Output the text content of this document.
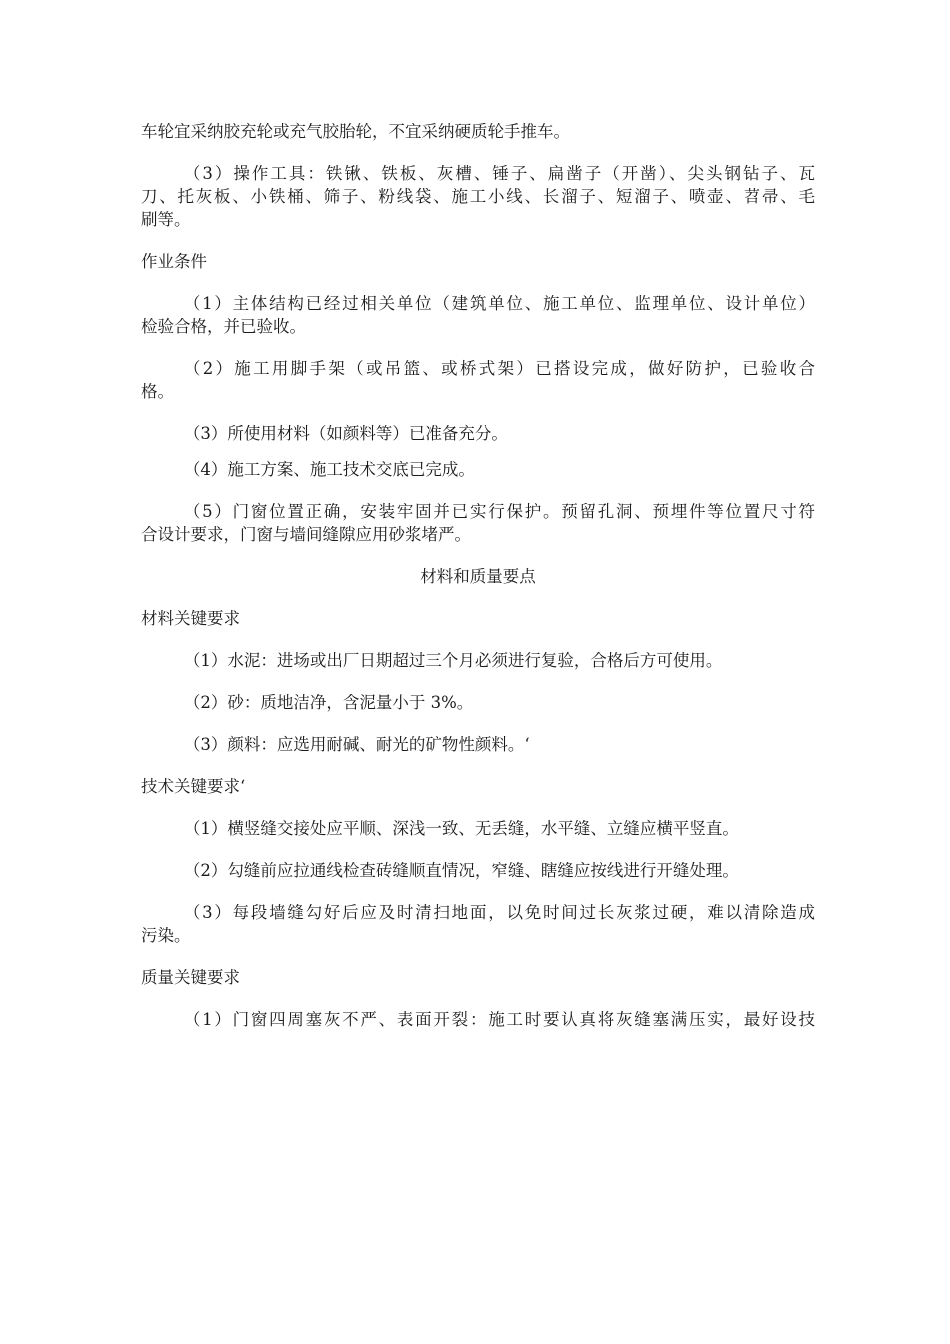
车轮宜采纳胶充轮或充气胶胎轮，不宜采纳硬质轮手推车。

（3）操作工具：铁锹、铁板、灰槽、锤子、扁凿子（开凿）、尖头钢钻子、瓦
刀、托灰板、小铁桶、筛子、粉线袋、施工小线、长溜子、短溜子、喷壶、苕帚、毛
刷等。

作业条件

（1）主体结构已经过相关单位（建筑单位、施工单位、监理单位、设计单位）
检验合格，并已验收。

（2）施工用脚手架（或吊篮、或桥式架）已搭设完成，做好防护，已验收合
格。

（3）所使用材料（如颜料等）已准备充分。

（4）施工方案、施工技术交底已完成。

（5）门窗位置正确，安装牢固并已实行保护。预留孔洞、预埋件等位置尺寸符
合设计要求，门窗与墙间缝隙应用砂浆堵严。

材料和质量要点

材料关键要求

（1）水泥：进场或出厂日期超过三个月必须进行复验，合格后方可使用。

（2）砂：质地洁净，含泥量小于 3%。

（3）颜料：应选用耐碱、耐光的矿物性颜料。‘

技术关键要求‘

（1）横竖缝交接处应平顺、深浅一致、无丢缝，水平缝、立缝应横平竖直。

（2）勾缝前应拉通线检查砖缝顺直情况，窄缝、瞎缝应按线进行开缝处理。

（3）每段墙缝勾好后应及时清扫地面，以免时间过长灰浆过硬，难以清除造成
污染。

质量关键要求

（1）门窗四周塞灰不严、表面开裂：施工时要认真将灰缝塞满压实，最好设技
